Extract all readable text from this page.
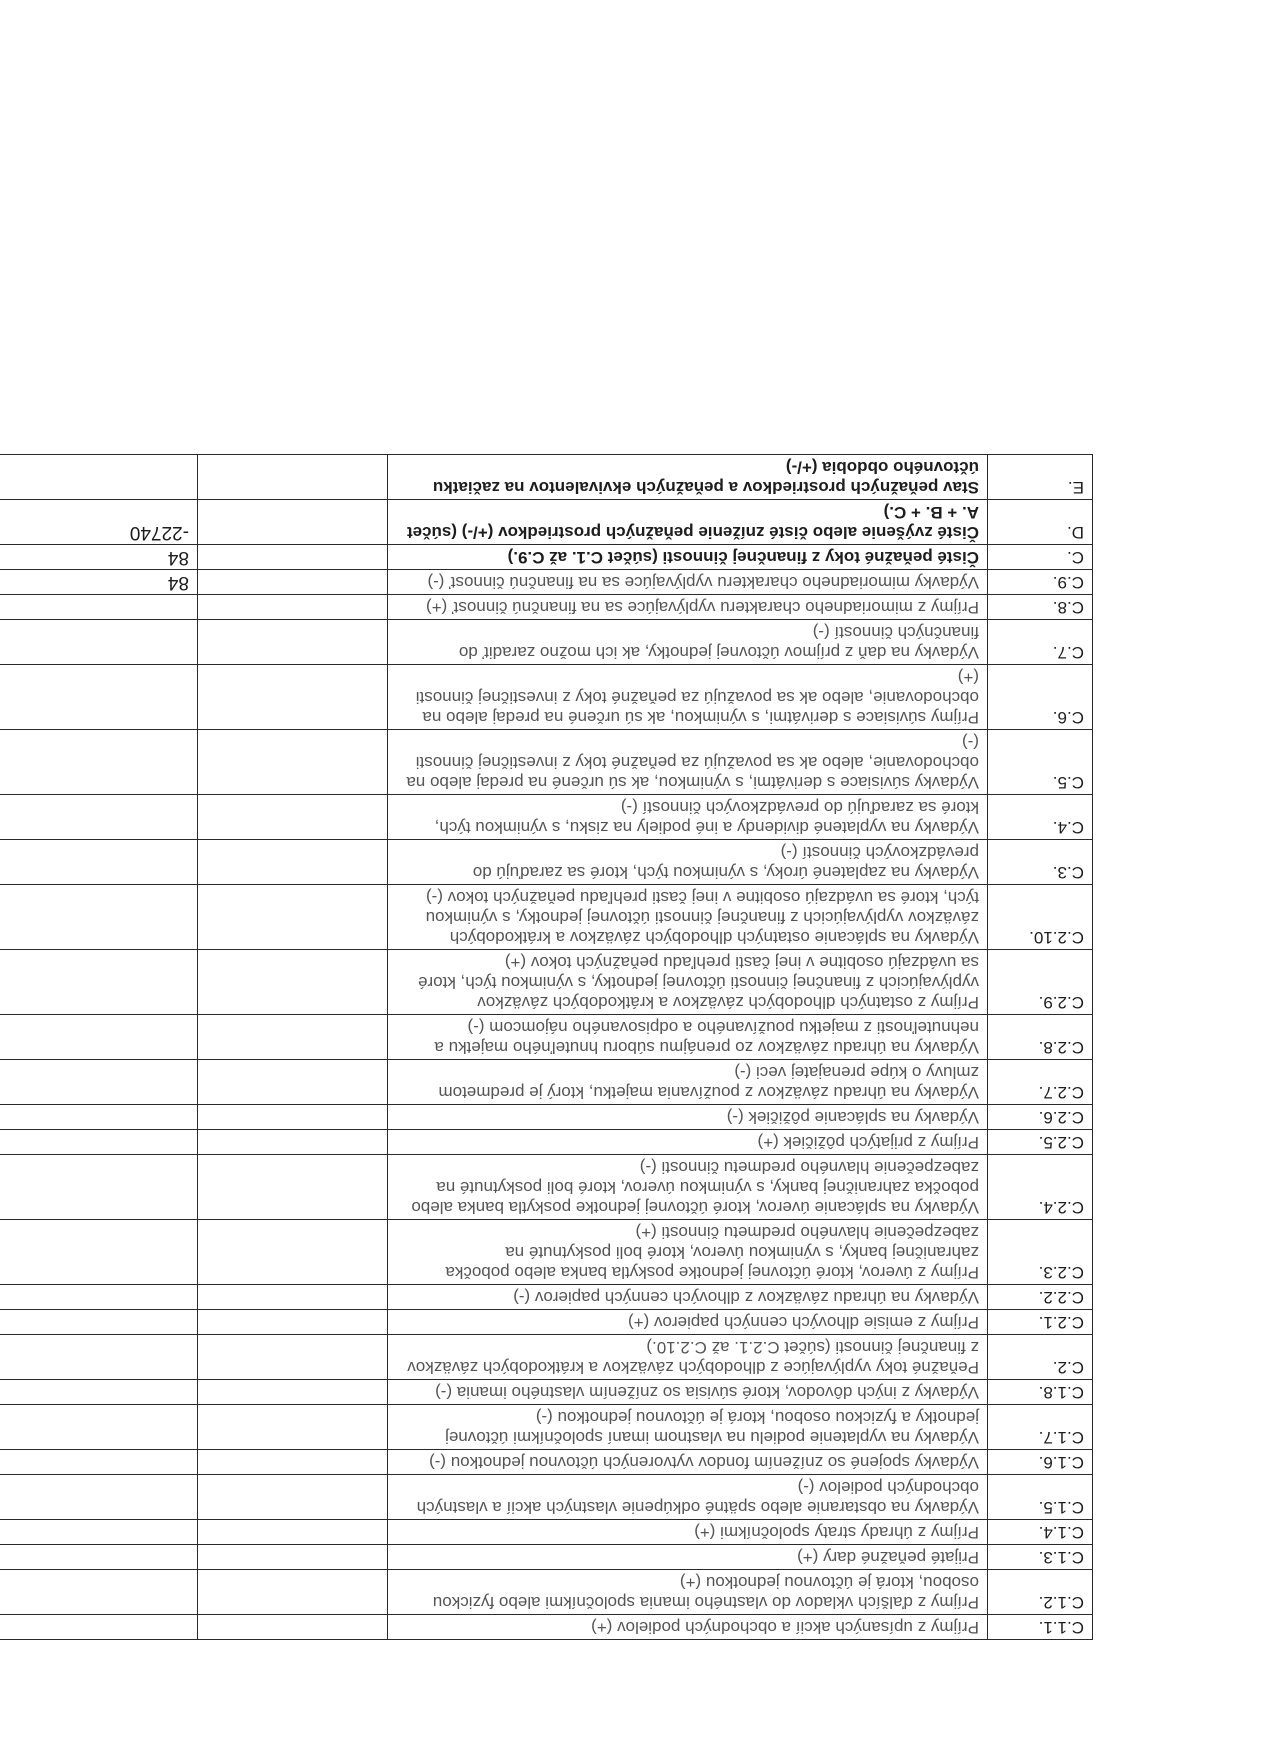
C.1.1.	Príjmy z upísaných akcií a obchodných podielov (+)		
C.1.2.	Príjmy z ďalších vkladov do vlastného imania spoločníkmi alebo fyzickou osobou, ktorá je účtovnou jednotkou (+)		
C.1.3.	Prijaté peňažné dary (+)		
C.1.4.	Príjmy z úhrady straty spoločníkmi (+)		
C.1.5.	Výdavky na obstaranie alebo spätné odkúpenie vlastných akcií a vlastných obchodných podielov (-)		
C.1.6.	Výdavky spojené so znížením fondov vytvorených účtovnou jednotkou (-)		
C.1.7.	Výdavky na vyplatenie podielu na vlastnom imaní spoločníkmi účtovnej jednotky a fyzickou osobou, ktorá je účtovnou jednotkou (-)		
C.1.8.	Výdavky z iných dôvodov, ktoré súvisia so znížením vlastného imania (-)		
C.2.	Peňažné toky vyplývajúce z dlhodobých záväzkov a krátkodobých záväzkov z finančnej činnosti (súčet C.2.1. až C.2.10.)		
C.2.1.	Príjmy z emisie dlhových cenných papierov (+)		
C.2.2.	Výdavky na úhradu záväzkov z dlhových cenných papierov (-)		
C.2.3.	Príjmy z úverov, ktoré účtovnej jednotke poskytla banka alebo pobočka zahraničnej banky, s výnimkou úverov, ktoré boli poskytnuté na zabezpečenie hlavného predmetu činnosti (+)		
C.2.4.	Výdavky na splácanie úverov, ktoré účtovnej jednotke poskytla banka alebo pobočka zahraničnej banky, s výnimkou úverov, ktoré boli poskytnuté na zabezpečenie hlavného predmetu činnosti (-)		
C.2.5.	Príjmy z prijatých pôžičiek (+)		
C.2.6.	Výdavky na splácanie pôžičiek (-)		
C.2.7.	Výdavky na úhradu záväzkov z používania majetku, ktorý je predmetom zmluvy o kúpe prenajatej veci (-)		
C.2.8.	Výdavky na úhradu záväzkov zo prenájmu súboru hnuteľného majetku a nehnuteľnosti z majetku používaného a odpisovaného nájomcom (-)		
C.2.9.	Príjmy z ostatných dlhodobých záväzkov a krátkodobých záväzkov vyplývajúcich z finančnej činnosti účtovnej jednotky, s výnimkou tých, ktoré sa uvádzajú osobitne v inej časti prehľadu peňažných tokov (+)		
C.2.10.	Výdavky na splácanie ostatných dlhodobých záväzkov a krátkodobých záväzkov vyplývajúcich z finančnej činnosti účtovnej jednotky, s výnimkou tých, ktoré sa uvádzajú osobitne v inej časti prehľadu peňažných tokov (-)		
C.3.	Výdavky na zaplatené úroky, s výnimkou tých, ktoré sa zaraďujú do prevádzkových činností (-)		
C.4.	Výdavky na vyplatené dividendy a iné podiely na zisku, s výnimkou tých, ktoré sa zaraďujú do prevádzkových činností (-)		
C.5.	Výdavky súvisiace s derivátmi, s výnimkou, ak sú určené na predaj alebo na obchodovanie, alebo ak sa považujú za peňažné toky z investičnej činnosti (-)		
C.6.	Príjmy súvisiace s derivátmi, s výnimkou, ak sú určené na predaj alebo na obchodovanie, alebo ak sa považujú za peňažné toky z investičnej činnosti (+)		
C.7.	Výdavky na daň z príjmov účtovnej jednotky, ak ich možno zaradiť do finančných činností (-)		
C.8.	Príjmy z mimoriadneho charakteru vyplývajúce sa na finančnú činnosť (+)		
C.9.	Výdavky mimoriadneho charakteru vyplývajúce sa na finančnú činnosť (-)		84
C.	Čisté peňažné toky z finančnej činnosti (súčet C.1. až C.9.)		84
D.	Čisté zvýšenie alebo čisté zníženie peňažných prostriedkov (+/-) (súčet A. + B. + C.)		-22740
E.	Stav peňažných prostriedkov a peňažných ekvivalentov na začiatku účtovného obdobia (+/-)		
